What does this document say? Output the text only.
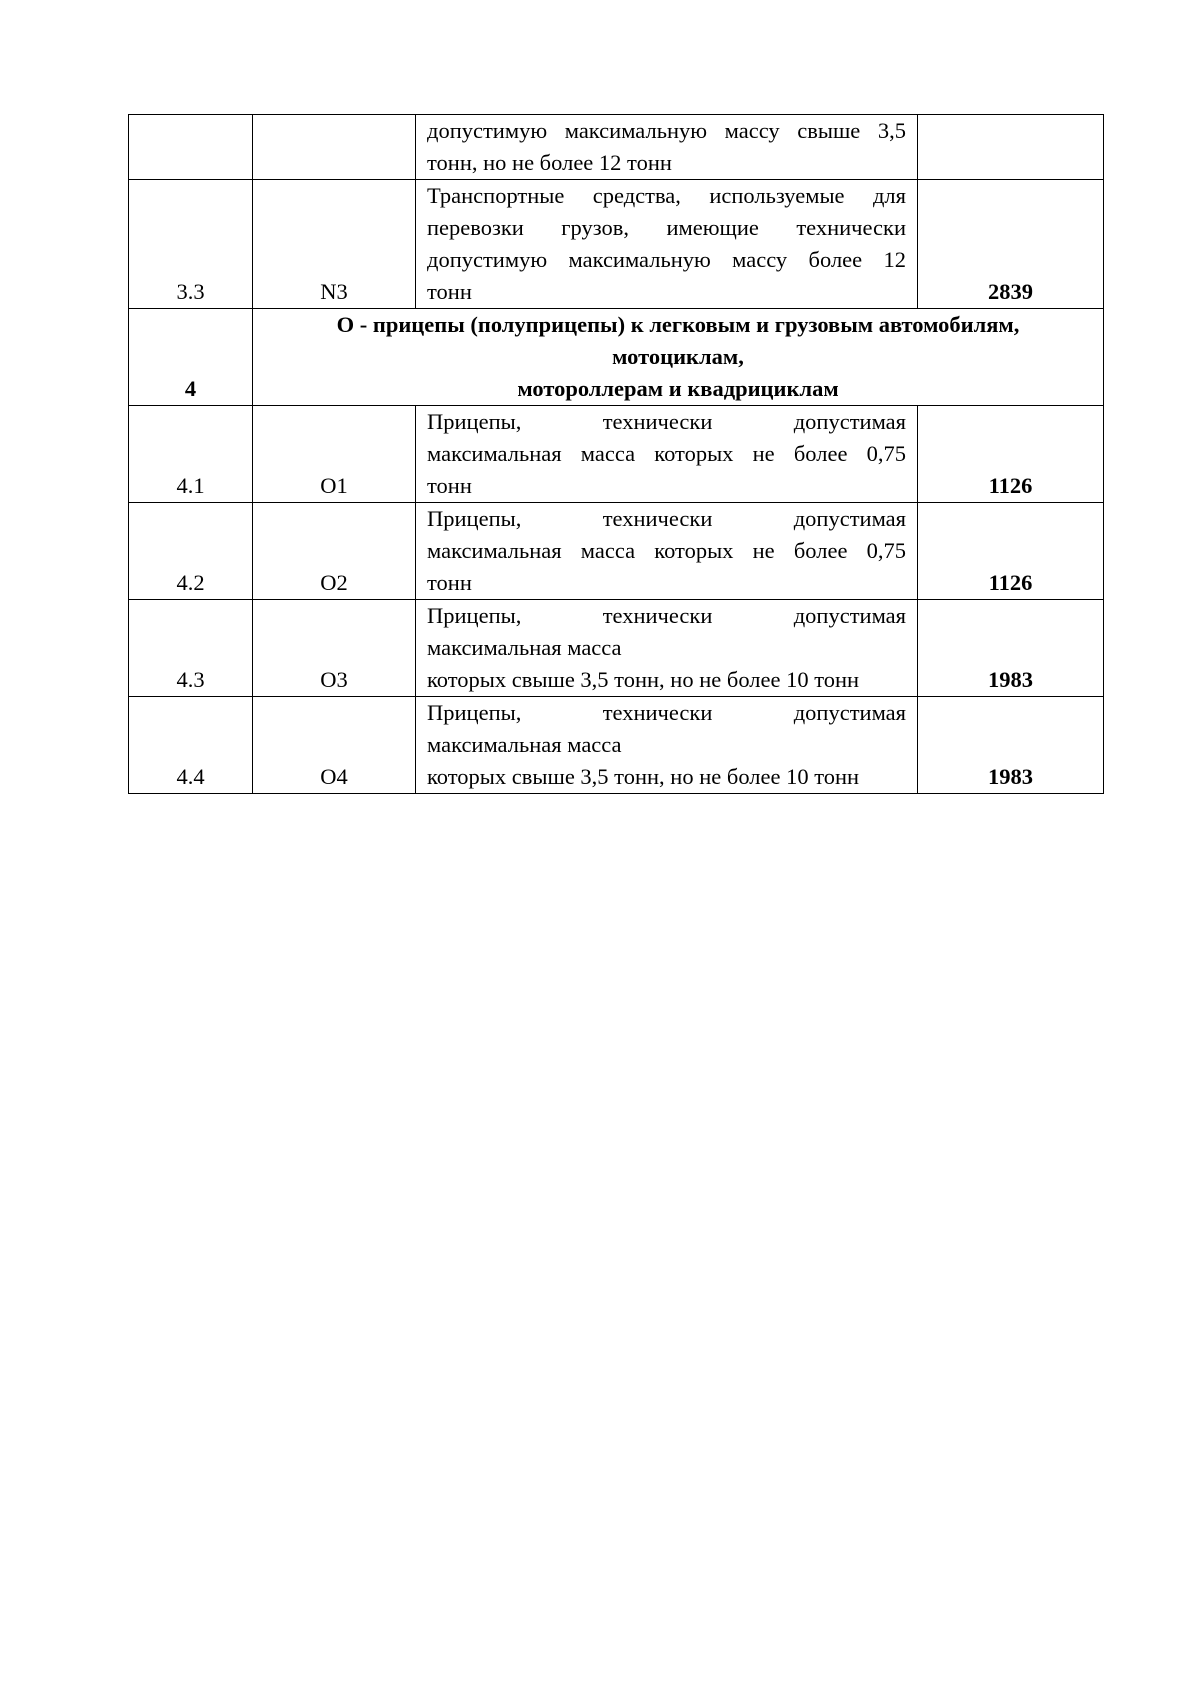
		допустимую максимальную массу свыше 3,5
тонн, но не более 12 тонн	

3.3	N3	Транспортные средства, используемые для
перевозки грузов, имеющие технически
допустимую максимальную массу более 12
тонн	2839
4	О - прицепы (полуприцепы) к легковым и грузовым автомобилям,
мотоциклам,
мотороллерам и квадрициклам		

4.1	O1	Прицепы, технически допустимая
максимальная масса которых не более 0,75
тонн	1126
4.2	O2	Прицепы, технически допустимая
максимальная масса которых не более 0,75
тонн	1126
4.3	O3	Прицепы, технически допустимая
максимальная масса
которых свыше 3,5 тонн, но не более 10 тонн	1983
4.4	O4	Прицепы, технически допустимая
максимальная масса
которых свыше 3,5 тонн, но не более 10 тонн	1983
